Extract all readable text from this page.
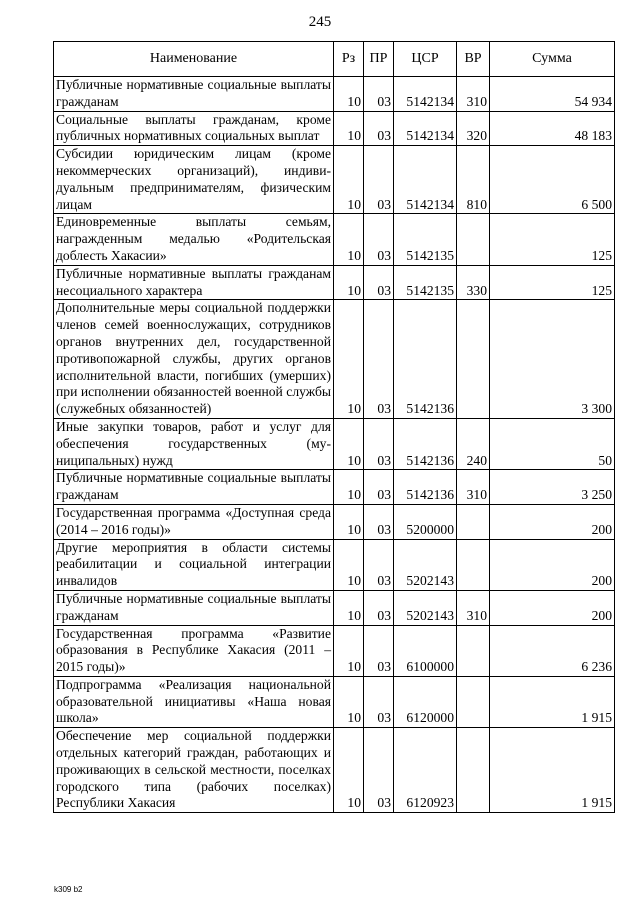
245
Наименование	Рз	ПР	ЦСР	ВР	Сумма
Публичные нормативные социальные выплаты гражданам	10	03	5142134	310	54 934
Социальные выплаты гражданам, кроме публичных нормативных социальных выплат	10	03	5142134	320	48 183
Субсидии юридическим лицам (кроме некоммерческих организаций), индивидуальным предпринимателям, физическим лицам	10	03	5142134	810	6 500
Единовременные выплаты семьям, награжденным медалью «Родительская доблесть Хакасии»	10	03	5142135		125
Публичные нормативные выплаты гражданам несоциального характера	10	03	5142135	330	125
Дополнительные меры социальной поддержки членов семей военнослужащих, сотрудников органов внутренних дел, государственной противопожарной службы, других органов исполнительной власти, погибших (умерших) при исполнении обязанностей военной службы (служебных обязанностей)	10	03	5142136		3 300
Иные закупки товаров, работ и услуг для обеспечения государственных (муниципальных) нужд	10	03	5142136	240	50
Публичные нормативные социальные выплаты гражданам	10	03	5142136	310	3 250
Государственная программа «Доступная среда (2014 – 2016 годы)»	10	03	5200000		200
Другие мероприятия в области системы реабилитации и социальной интеграции инвалидов	10	03	5202143		200
Публичные нормативные социальные выплаты гражданам	10	03	5202143	310	200
Государственная программа «Развитие образования в Республике Хакасия (2011 – 2015 годы)»	10	03	6100000		6 236
Подпрограмма «Реализация национальной образовательной инициативы «Наша новая школа»	10	03	6120000		1 915
Обеспечение мер социальной поддержки отдельных категорий граждан, работающих и проживающих в сельской местности, поселках городского типа (рабочих поселках) Республики Хакасия	10	03	6120923		1 915
k309 b2
